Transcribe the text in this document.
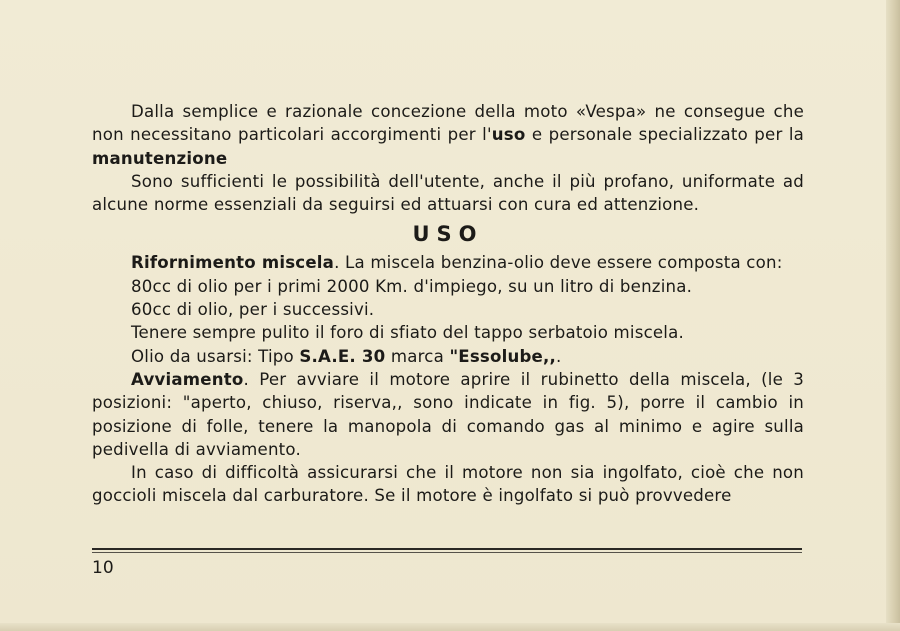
Dalla semplice e razionale concezione della moto «Vespa» ne consegue che non necessitano particolari accorgimenti per l'uso e personale specializzato per la manutenzione

Sono sufficienti le possibilità dell'utente, anche il più profano, uniformate ad alcune norme essenziali da seguirsi ed attuarsi con cura ed attenzione.

USO

Rifornimento miscela. La miscela benzina-olio deve essere composta con:

80cc di olio per i primi 2000 Km. d'impiego, su un litro di benzina.

60cc di olio, per i successivi.

Tenere sempre pulito il foro di sfiato del tappo serbatoio miscela.

Olio da usarsi: Tipo S.A.E. 30 marca "Essolube,,.

Avviamento. Per avviare il motore aprire il rubinetto della miscela, (le 3 posizioni: "aperto, chiuso, riserva,, sono indicate in fig. 5), porre il cambio in posizione di folle, tenere la manopola di comando gas al minimo e agire sulla pedivella di avviamento.

In caso di difficoltà assicurarsi che il motore non sia ingolfato, cioè che non goccioli miscela dal carburatore. Se il motore è ingolfato si può provvedere

10
